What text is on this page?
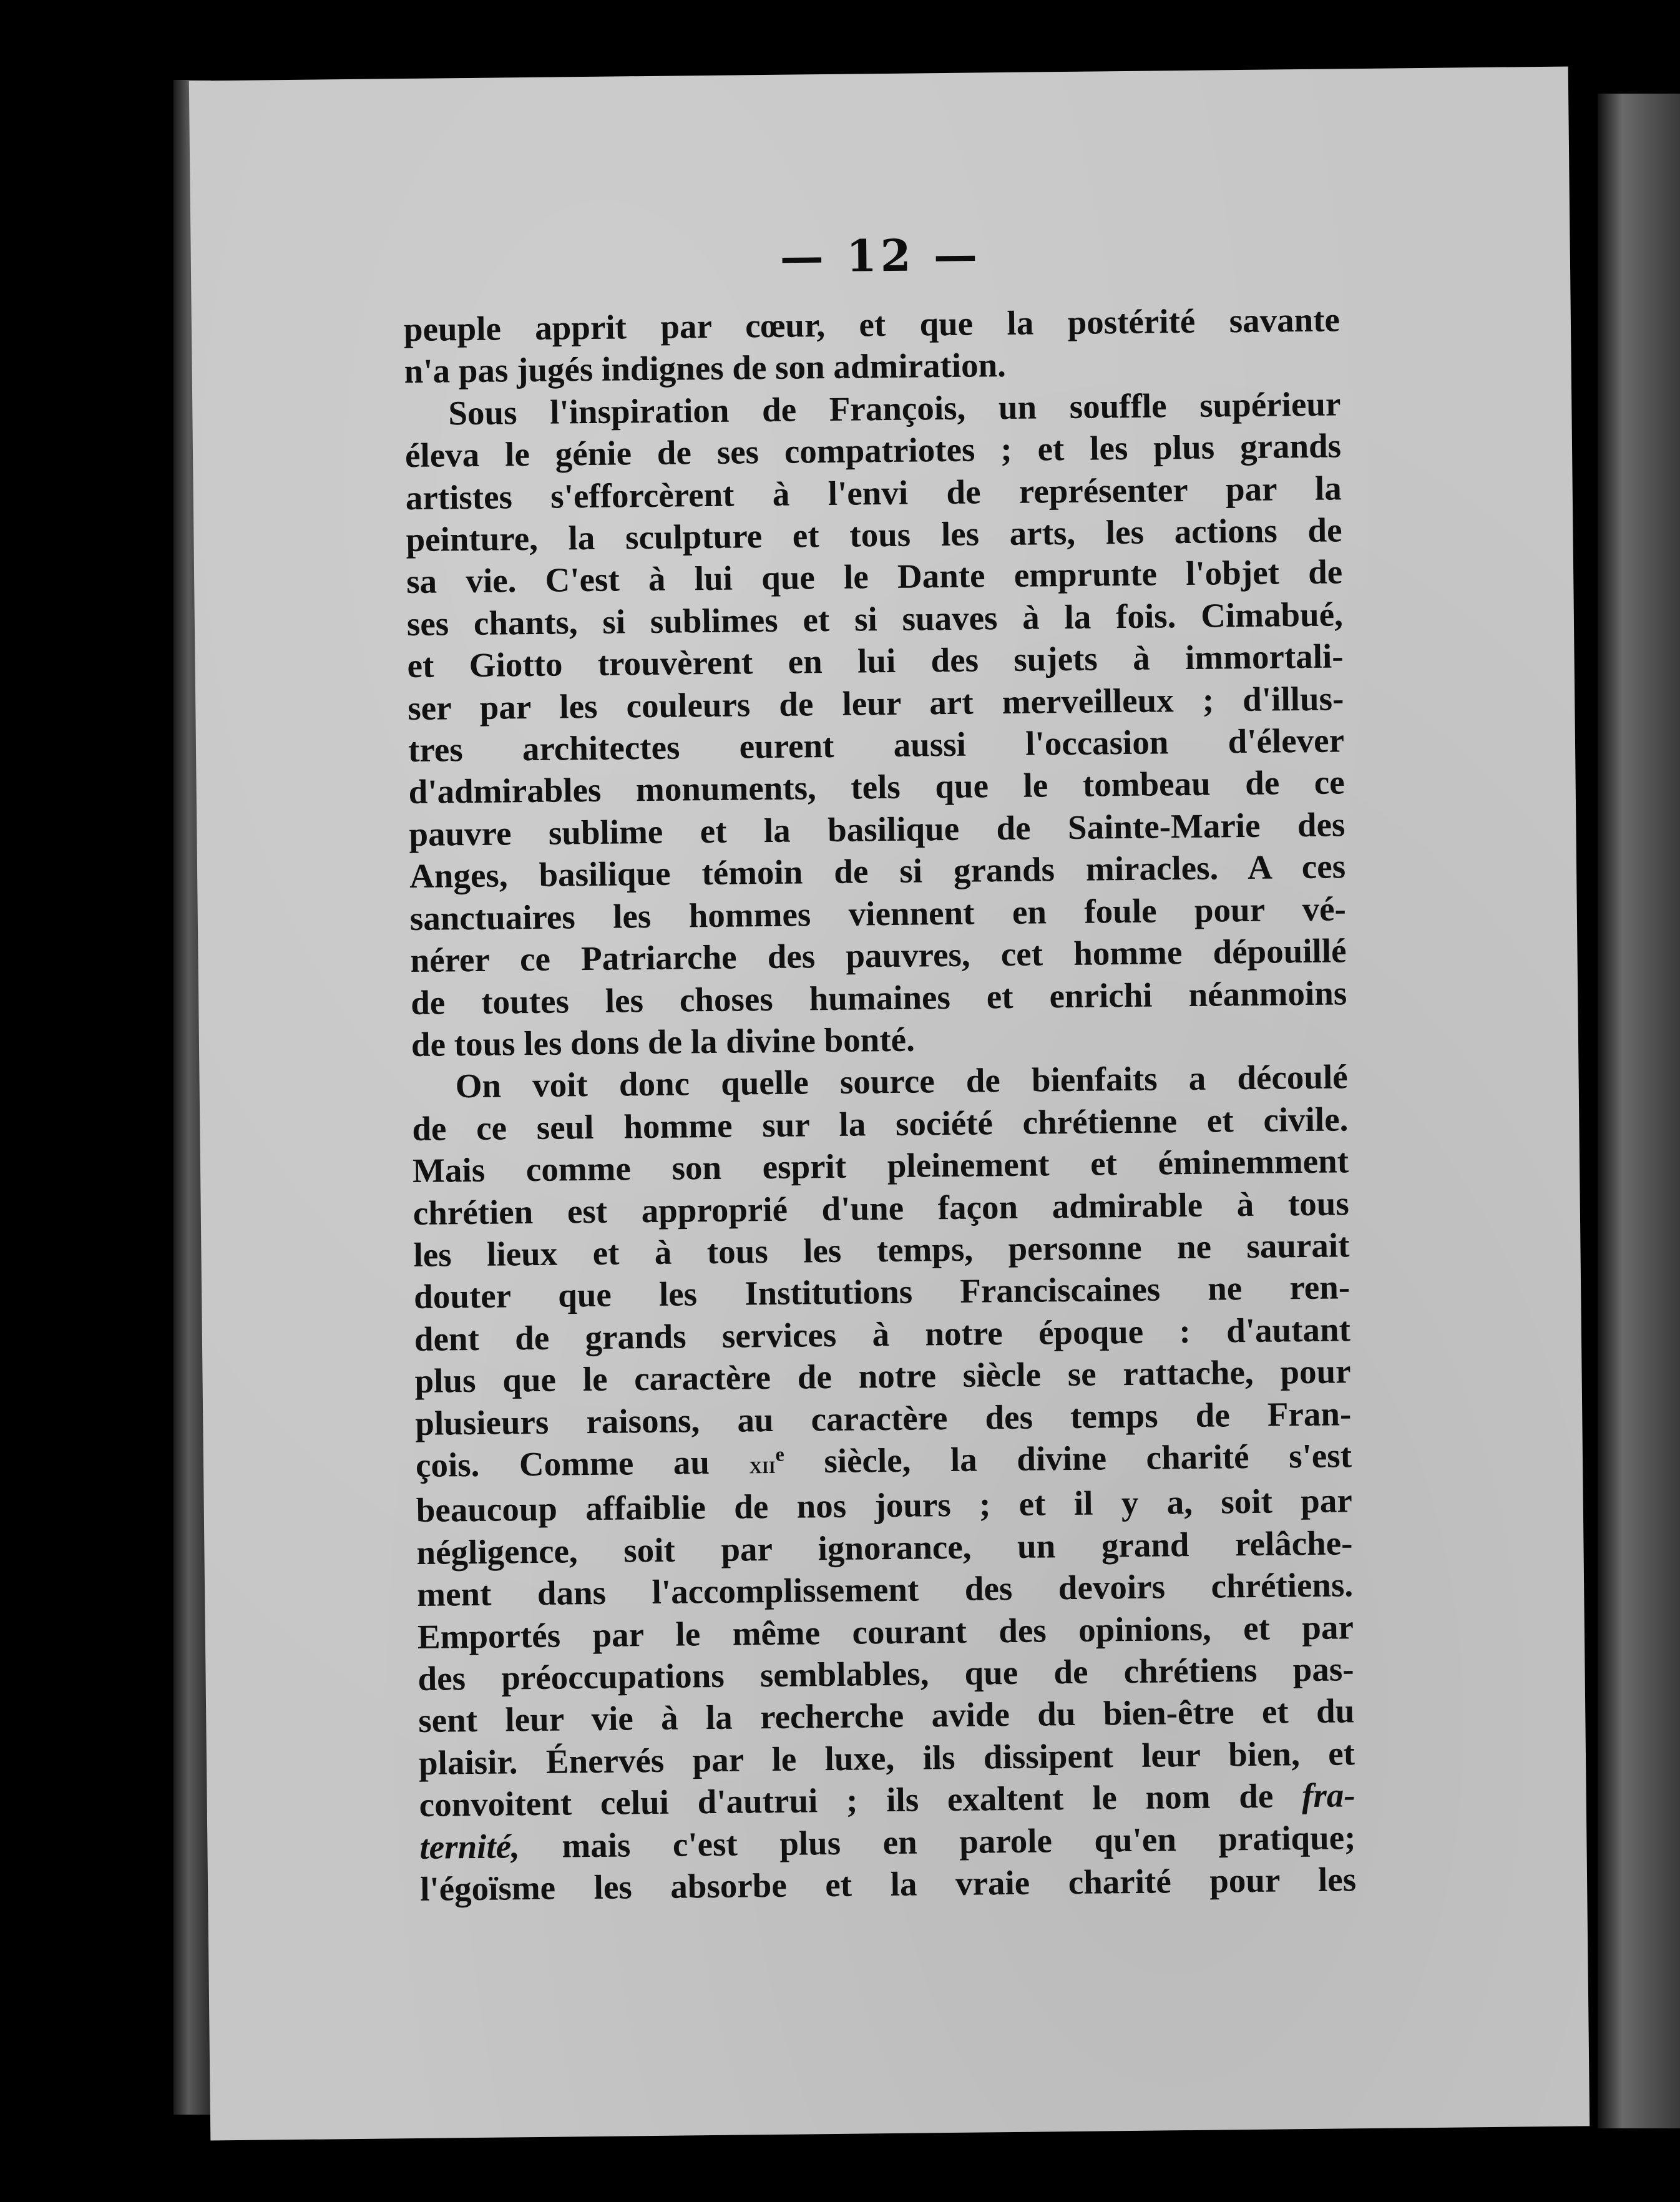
— 12 —
peuple apprit par cœur, et que la postérité savante
n'a pas jugés indignes de son admiration.
Sous l'inspiration de François, un souffle supérieur
éleva le génie de ses compatriotes ; et les plus grands
artistes s'efforcèrent à l'envi de représenter par la
peinture, la sculpture et tous les arts, les actions de
sa vie. C'est à lui que le Dante emprunte l'objet de
ses chants, si sublimes et si suaves à la fois. Cimabué,
et Giotto trouvèrent en lui des sujets à immortali-
ser par les couleurs de leur art merveilleux ; d'illus-
tres architectes eurent aussi l'occasion d'élever
d'admirables monuments, tels que le tombeau de ce
pauvre sublime et la basilique de Sainte-Marie des
Anges, basilique témoin de si grands miracles. A ces
sanctuaires les hommes viennent en foule pour vé-
nérer ce Patriarche des pauvres, cet homme dépouillé
de toutes les choses humaines et enrichi néanmoins
de tous les dons de la divine bonté.
On voit donc quelle source de bienfaits a découlé
de ce seul homme sur la société chrétienne et civile.
Mais comme son esprit pleinement et éminemment
chrétien est approprié d'une façon admirable à tous
les lieux et à tous les temps, personne ne saurait
douter que les Institutions Franciscaines ne ren-
dent de grands services à notre époque : d'autant
plus que le caractère de notre siècle se rattache, pour
plusieurs raisons, au caractère des temps de Fran-
çois. Comme au xii$^e$ siècle, la divine charité s'est
beaucoup affaiblie de nos jours ; et il y a, soit par
négligence, soit par ignorance, un grand relâche-
ment dans l'accomplissement des devoirs chrétiens.
Emportés par le même courant des opinions, et par
des préoccupations semblables, que de chrétiens pas-
sent leur vie à la recherche avide du bien-être et du
plaisir. Énervés par le luxe, ils dissipent leur bien, et
convoitent celui d'autrui ; ils exaltent le nom de fra-
ternité, mais c'est plus en parole qu'en pratique;
l'égoïsme les absorbe et la vraie charité pour les
